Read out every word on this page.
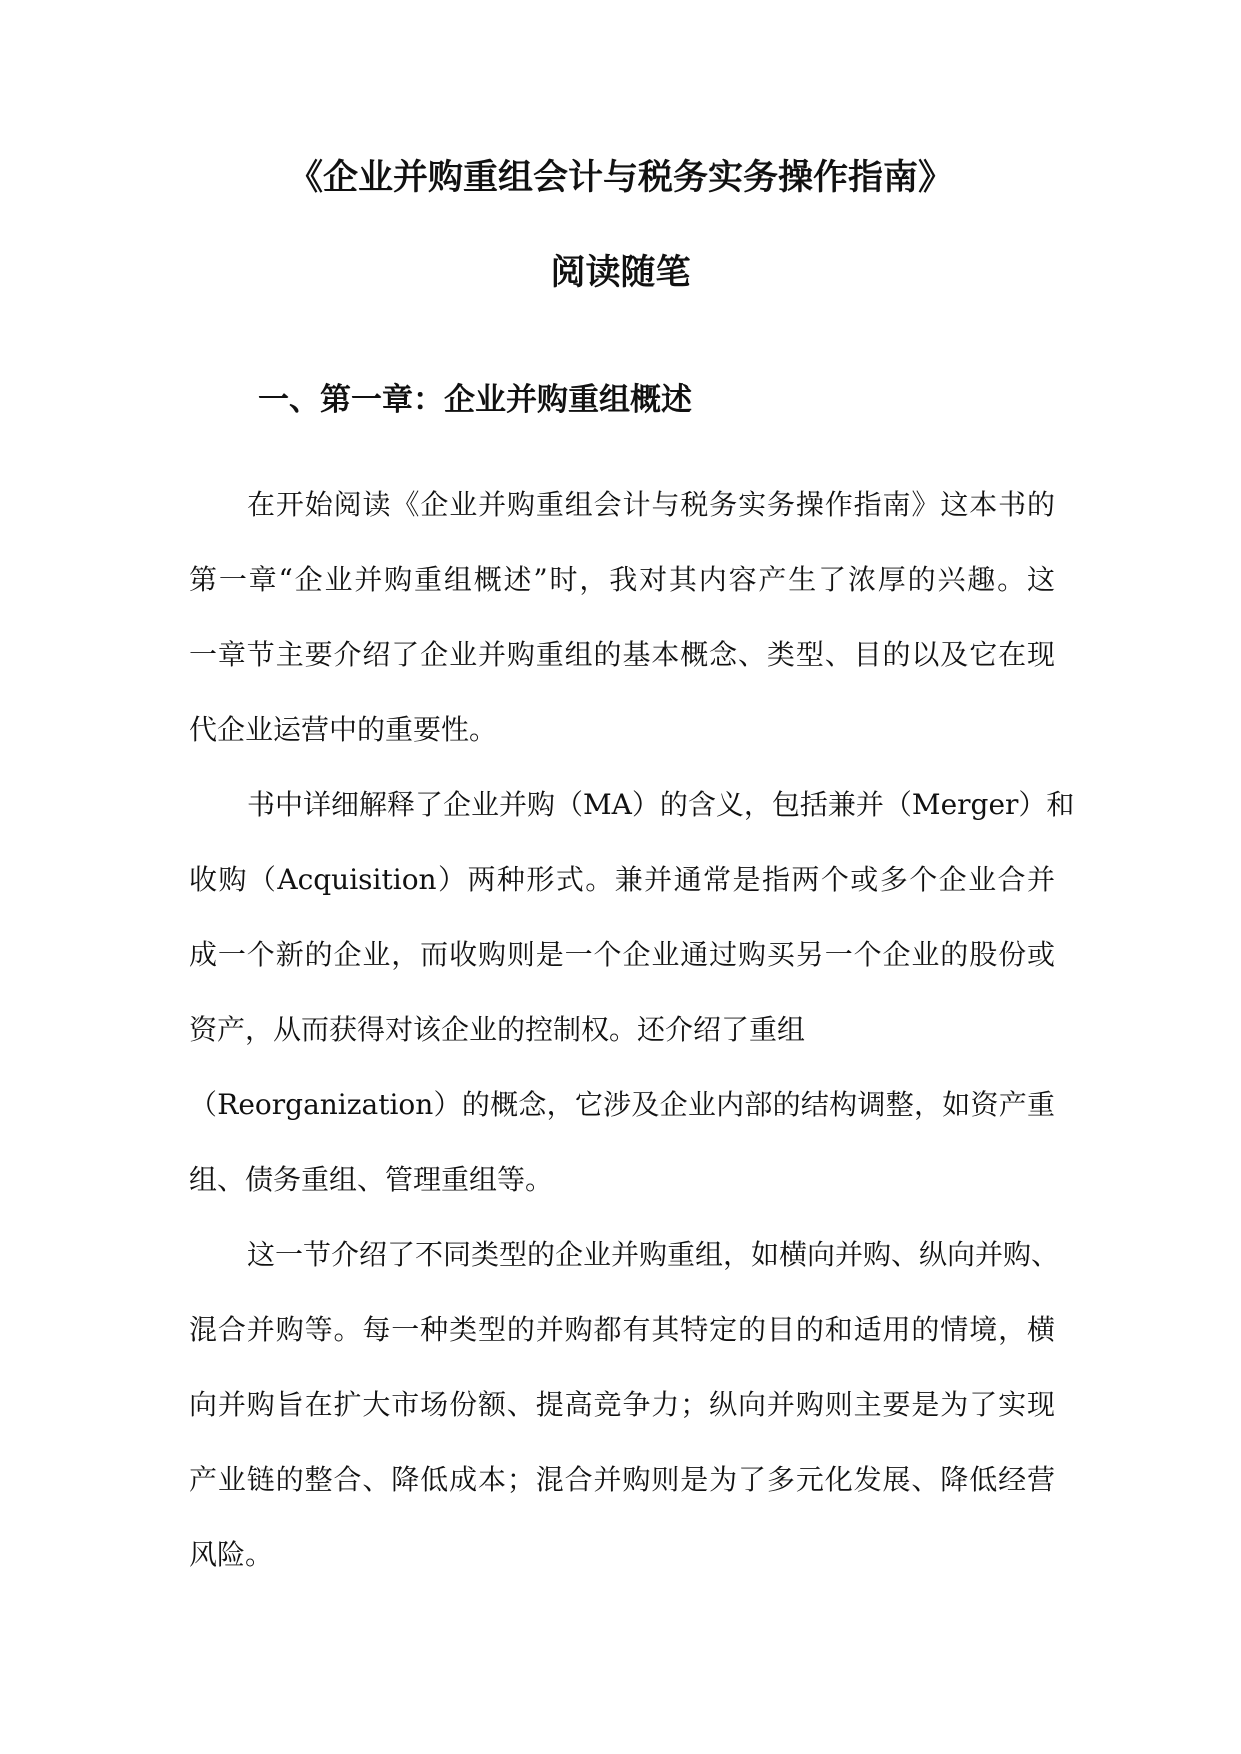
《企业并购重组会计与税务实务操作指南》
阅读随笔
一、第一章：企业并购重组概述

在开始阅读《企业并购重组会计与税务实务操作指南》这本书的
第一章“企业并购重组概述”时，我对其内容产生了浓厚的兴趣。这
一章节主要介绍了企业并购重组的基本概念、类型、目的以及它在现
代企业运营中的重要性。

书中详细解释了企业并购（MA）的含义，包括兼并（Merger）和
收购（Acquisition）两种形式。兼并通常是指两个或多个企业合并
成一个新的企业，而收购则是一个企业通过购买另一个企业的股份或
资产，从而获得对该企业的控制权。还介绍了重组
（Reorganization）的概念，它涉及企业内部的结构调整，如资产重
组、债务重组、管理重组等。

这一节介绍了不同类型的企业并购重组，如横向并购、纵向并购、
混合并购等。每一种类型的并购都有其特定的目的和适用的情境，横
向并购旨在扩大市场份额、提高竞争力；纵向并购则主要是为了实现
产业链的整合、降低成本；混合并购则是为了多元化发展、降低经营
风险。
